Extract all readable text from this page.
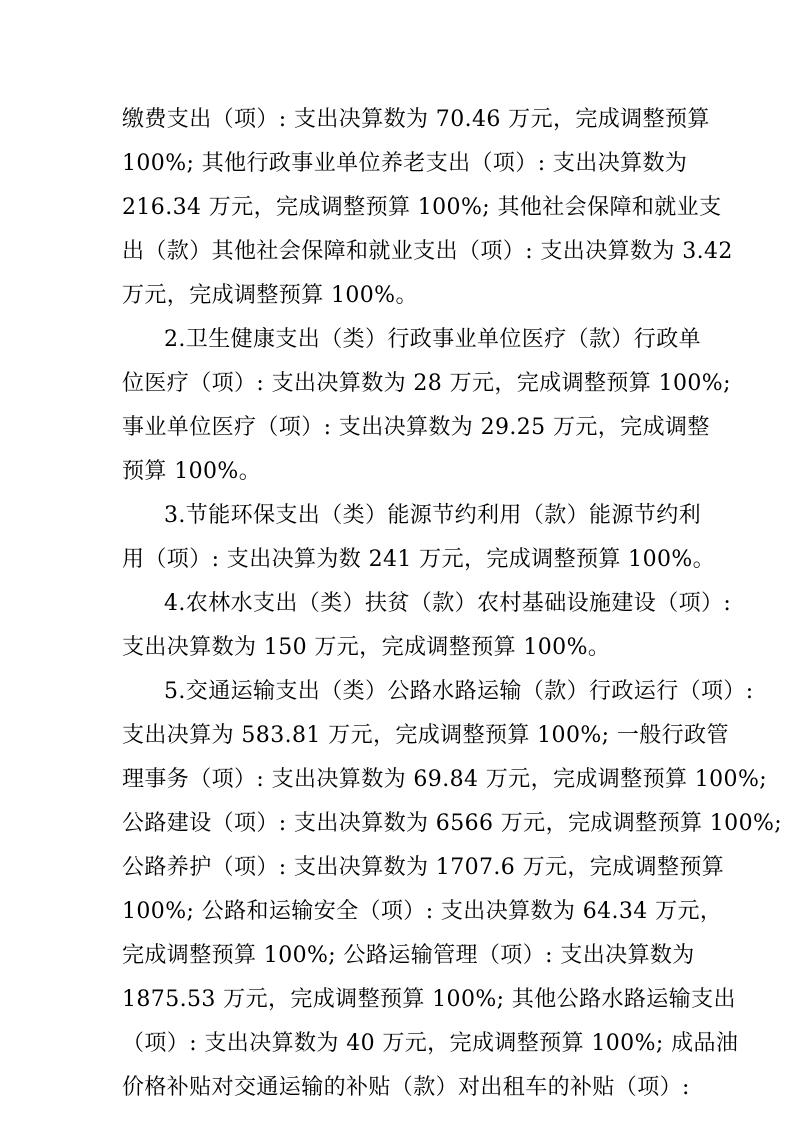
缴费支出（项）: 支出决算数为 70.46 万元，完成调整预算
100%; 其他行政事业单位养老支出（项）: 支出决算数为
216.34 万元，完成调整预算 100%; 其他社会保障和就业支
出（款）其他社会保障和就业支出（项）: 支出决算数为 3.42
万元，完成调整预算 100%。
2.卫生健康支出（类）行政事业单位医疗（款）行政单
位医疗（项）: 支出决算数为 28 万元，完成调整预算 100%;
事业单位医疗（项）: 支出决算数为 29.25 万元，完成调整
预算 100%。
3.节能环保支出（类）能源节约利用（款）能源节约利
用（项）: 支出决算为数 241 万元，完成调整预算 100%。
4.农林水支出（类）扶贫（款）农村基础设施建设（项）:
支出决算数为 150 万元，完成调整预算 100%。
5.交通运输支出（类）公路水路运输（款）行政运行（项）:
支出决算为 583.81 万元，完成调整预算 100%; 一般行政管
理事务（项）: 支出决算数为 69.84 万元，完成调整预算 100%;
公路建设（项）: 支出决算数为 6566 万元，完成调整预算 100%;
公路养护（项）: 支出决算数为 1707.6 万元，完成调整预算
100%; 公路和运输安全（项）: 支出决算数为 64.34 万元，
完成调整预算 100%; 公路运输管理（项）: 支出决算数为
1875.53 万元，完成调整预算 100%; 其他公路水路运输支出
（项）: 支出决算数为 40 万元，完成调整预算 100%; 成品油
价格补贴对交通运输的补贴（款）对出租车的补贴（项）:
